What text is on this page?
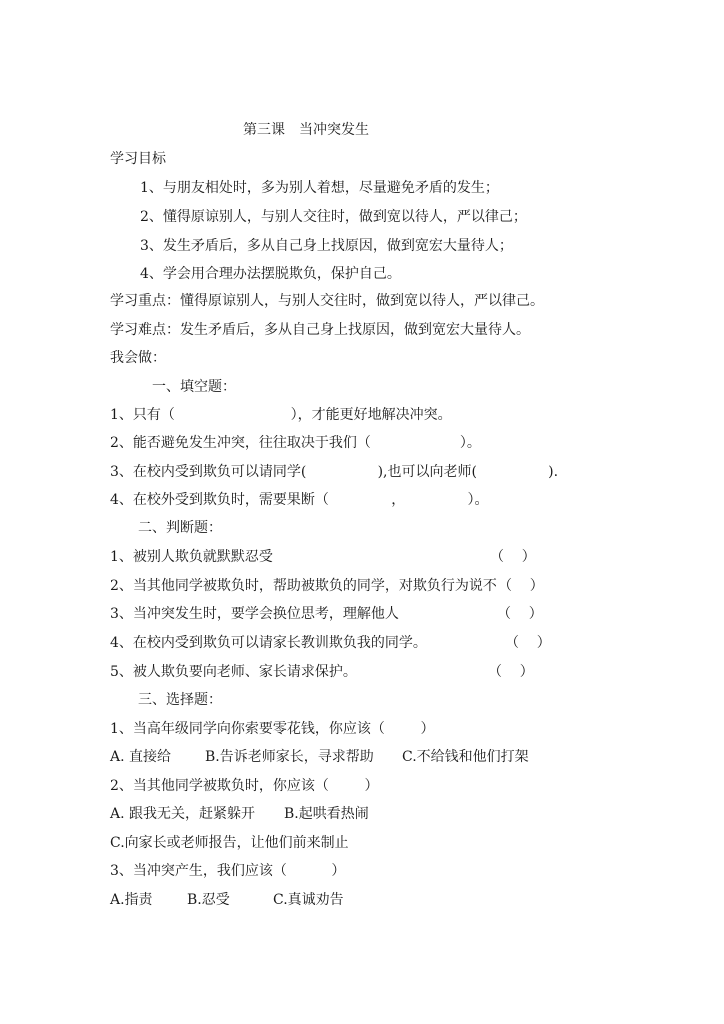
第三课　当冲突发生
学习目标
1、与朋友相处时，多为别人着想，尽量避免矛盾的发生；
2、懂得原谅别人，与别人交往时，做到宽以待人，严以律己；
3、发生矛盾后，多从自己身上找原因，做到宽宏大量待人；
4、学会用合理办法摆脱欺负，保护自己。
学习重点：懂得原谅别人，与别人交往时，做到宽以待人，严以律己。
学习难点：发生矛盾后，多从自己身上找原因，做到宽宏大量待人。
我会做：
一、填空题：
1、只有（                          ），才能更好地解决冲突。
2、能否避免发生冲突，往往取决于我们（                    ）。
3、在校内受到欺负可以请同学(                ),也可以向老师(                ).
4、在校外受到欺负时，需要果断（              ，              ）。
二、判断题：
1、被别人欺负就默默忍受	（    ）
2、当其他同学被欺负时，帮助被欺负的同学，对欺负行为说不 （    ）
3、当冲突发生时，要学会换位思考，理解他人	（    ）
4、在校内受到欺负可以请家长教训欺负我的同学。	（    ）
5、被人欺负要向老师、家长请求保护。	（    ）
三、选择题：
1、当高年级同学向你索要零花钱，你应该（        ）
A. 直接给 B.告诉老师家长，寻求帮助 C.不给钱和他们打架
2、当其他同学被欺负时，你应该（        ）
A. 跟我无关，赶紧躲开 B.起哄看热闹
C.向家长或老师报告，让他们前来制止
3、当冲突产生，我们应该（          ）
A.指责 B.忍受	C.真诚劝告
